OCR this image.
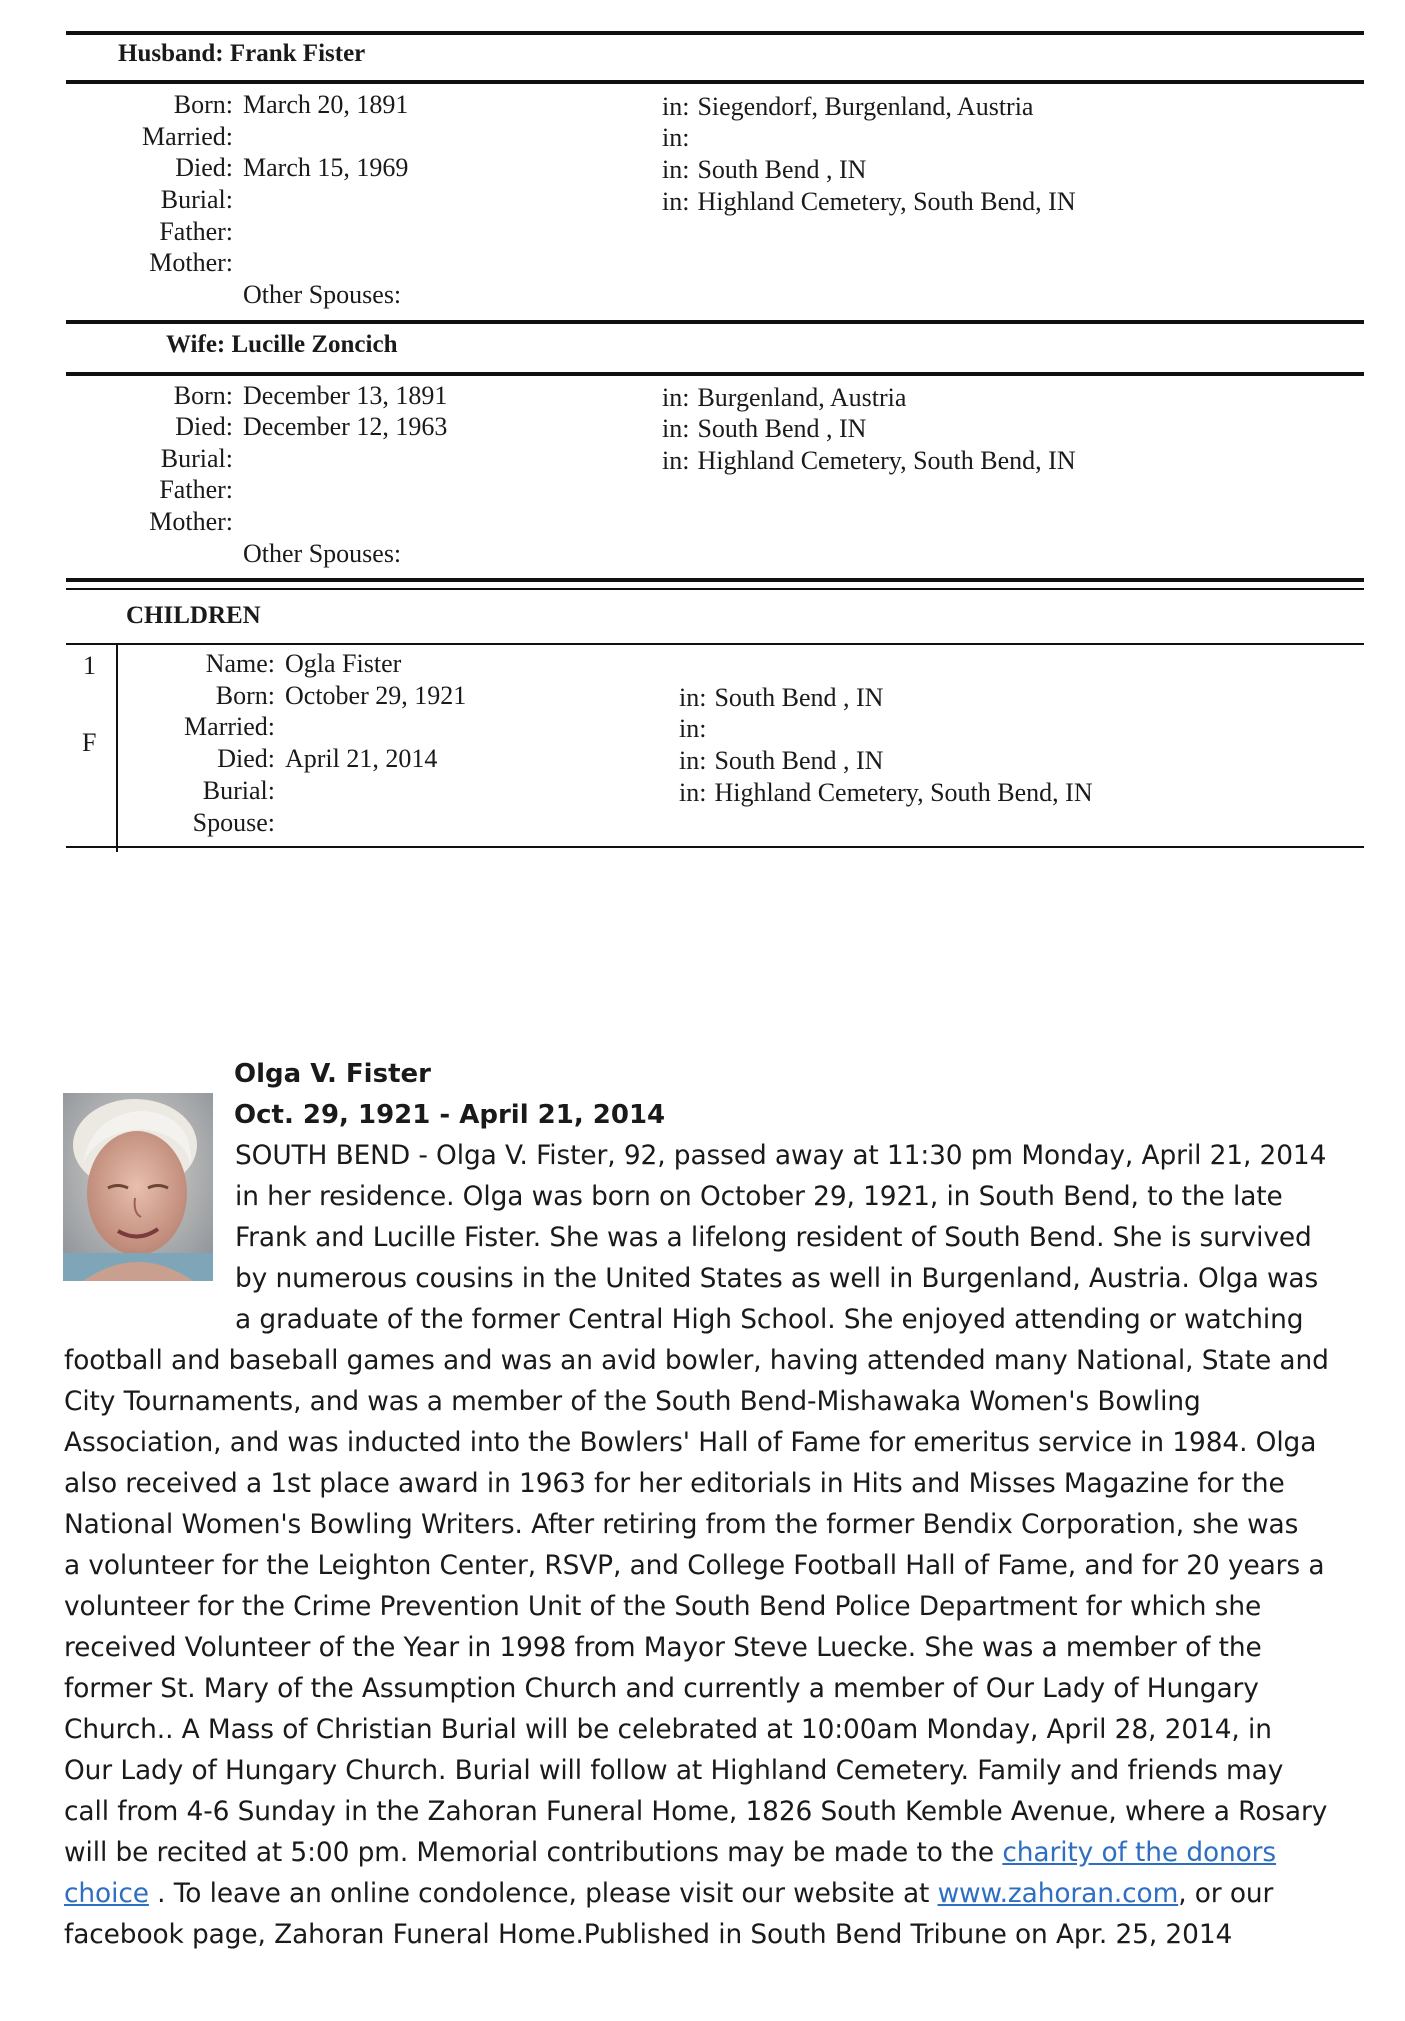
Husband: Frank Fister
Born: March 20, 1891	in: Siegendorf, Burgenland, Austria
Married:	in:
Died: March 15, 1969	in: South Bend , IN
Burial:	in: Highland Cemetery, South Bend, IN
Father:
Mother:
Other Spouses:
Wife: Lucille Zoncich
Born: December 13, 1891	in: Burgenland, Austria
Died: December 12, 1963	in: South Bend , IN
Burial:	in: Highland Cemetery, South Bend, IN
Father:
Mother:
Other Spouses:
CHILDREN
1
F
Name: Ogla Fister
Born: October 29, 1921	in: South Bend , IN
Married:	in:
Died: April 21, 2014	in: South Bend , IN
Burial:	in: Highland Cemetery, South Bend, IN
Spouse:
Olga V. Fister
Oct. 29, 1921 - April 21, 2014
SOUTH BEND - Olga V. Fister, 92, passed away at 11:30 pm Monday, April 21, 2014
in her residence. Olga was born on October 29, 1921, in South Bend, to the late
Frank and Lucille Fister. She was a lifelong resident of South Bend. She is survived
by numerous cousins in the United States as well in Burgenland, Austria. Olga was
a graduate of the former Central High School. She enjoyed attending or watching
football and baseball games and was an avid bowler, having attended many National, State and
City Tournaments, and was a member of the South Bend-Mishawaka Women's Bowling
Association, and was inducted into the Bowlers' Hall of Fame for emeritus service in 1984. Olga
also received a 1st place award in 1963 for her editorials in Hits and Misses Magazine for the
National Women's Bowling Writers. After retiring from the former Bendix Corporation, she was
a volunteer for the Leighton Center, RSVP, and College Football Hall of Fame, and for 20 years a
volunteer for the Crime Prevention Unit of the South Bend Police Department for which she
received Volunteer of the Year in 1998 from Mayor Steve Luecke. She was a member of the
former St. Mary of the Assumption Church and currently a member of Our Lady of Hungary
Church.. A Mass of Christian Burial will be celebrated at 10:00am Monday, April 28, 2014, in
Our Lady of Hungary Church. Burial will follow at Highland Cemetery. Family and friends may
call from 4-6 Sunday in the Zahoran Funeral Home, 1826 South Kemble Avenue, where a Rosary
will be recited at 5:00 pm. Memorial contributions may be made to the charity of the donors
choice . To leave an online condolence, please visit our website at www.zahoran.com, or our
facebook page, Zahoran Funeral Home.Published in South Bend Tribune on Apr. 25, 2014
